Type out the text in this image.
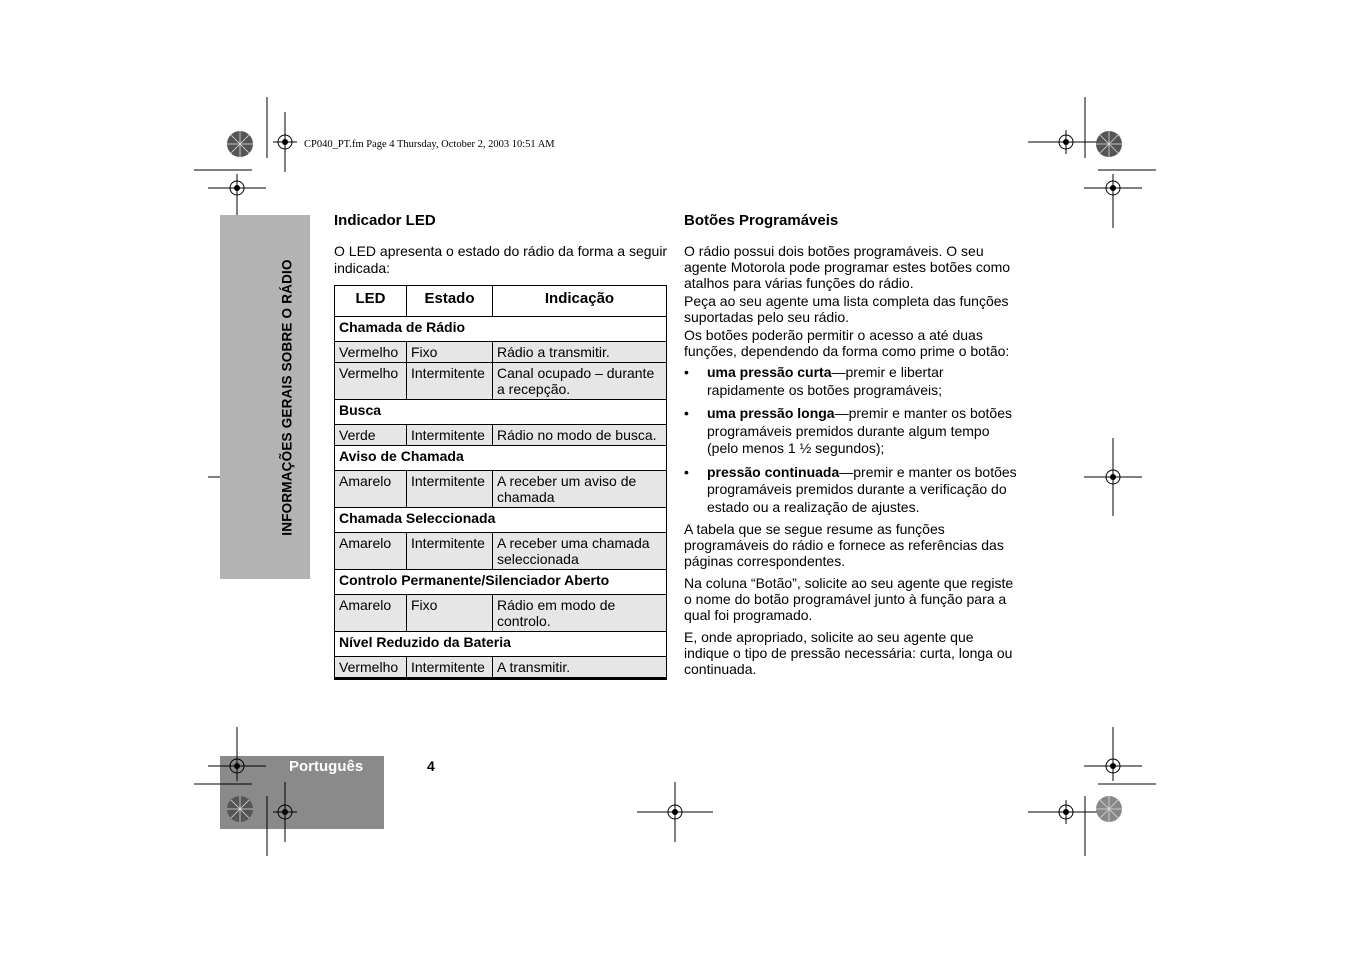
CP040_PT.fm Page 4 Thursday, October 2, 2003 10:51 AM
INFORMAÇÕES GERAIS SOBRE O RÁDIO
Português	4
Indicador LED

O LED apresenta o estado do rádio da forma a seguir indicada:

LED	Estado	Indicação
Chamada de Rádio		
Vermelho	Fixo	Rádio a transmitir.
Vermelho	Intermitente	Canal ocupado – durante a recepção.
Busca		
Verde	Intermitente	Rádio no modo de busca.
Aviso de Chamada		
Amarelo	Intermitente	A receber um aviso de chamada
Chamada Seleccionada		
Amarelo	Intermitente	A receber uma chamada seleccionada
Controlo Permanente/Silenciador Aberto		
Amarelo	Fixo	Rádio em modo de controlo.
Nível Reduzido da Bateria		
Vermelho	Intermitente	A transmitir.
Botões Programáveis

O rádio possui dois botões programáveis. O seu agente Motorola pode programar estes botões como atalhos para várias funções do rádio.

Peça ao seu agente uma lista completa das funções suportadas pelo seu rádio.

Os botões poderão permitir o acesso a até duas funções, dependendo da forma como prime o botão:

•	uma pressão curta—premir e libertar rapidamente os botões programáveis;
•	uma pressão longa—premir e manter os botões programáveis premidos durante algum tempo (pelo menos 1 ½ segundos);
•	pressão continuada—premir e manter os botões programáveis premidos durante a verificação do estado ou a realização de ajustes.

A tabela que se segue resume as funções programáveis do rádio e fornece as referências das páginas correspondentes.

Na coluna “Botão”, solicite ao seu agente que registe o nome do botão programável junto à função para a qual foi programado.

E, onde apropriado, solicite ao seu agente que indique o tipo de pressão necessária: curta, longa ou continuada.
